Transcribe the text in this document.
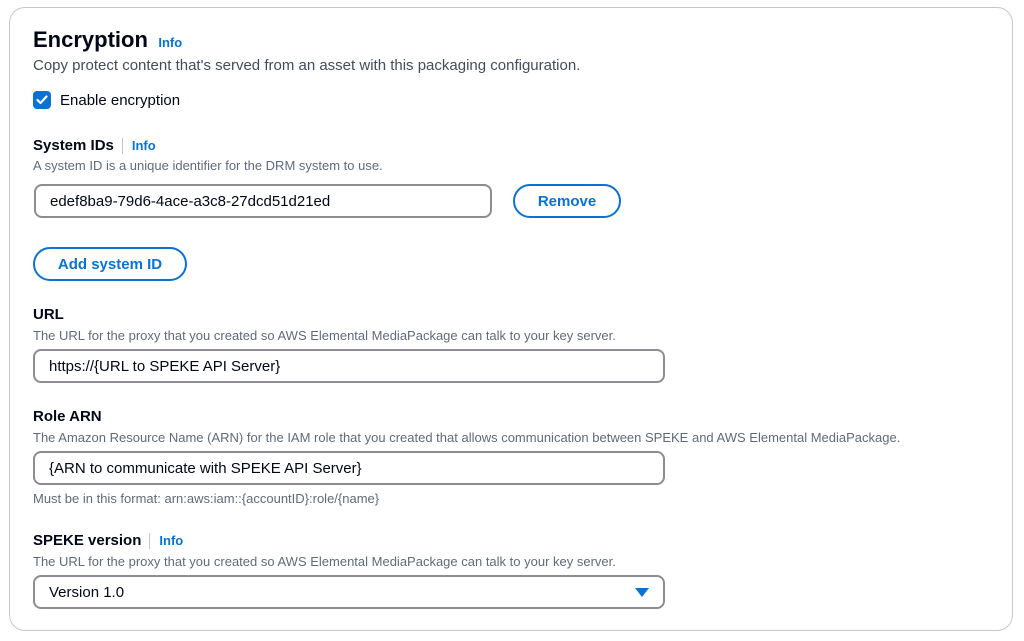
Encryption Info
Copy protect content that's served from an asset with this packaging configuration.
Enable encryption
System IDs Info
A system ID is a unique identifier for the DRM system to use.
edef8ba9-79d6-4ace-a3c8-27dcd51d21ed	Remove
Add system ID
URL
The URL for the proxy that you created so AWS Elemental MediaPackage can talk to your key server.
https://{URL to SPEKE API Server}
Role ARN
The Amazon Resource Name (ARN) for the IAM role that you created that allows communication between SPEKE and AWS Elemental MediaPackage.
{ARN to communicate with SPEKE API Server}
Must be in this format: arn:aws:iam::{accountID}:role/{name}
SPEKE version Info
The URL for the proxy that you created so AWS Elemental MediaPackage can talk to your key server.
Version 1.0
